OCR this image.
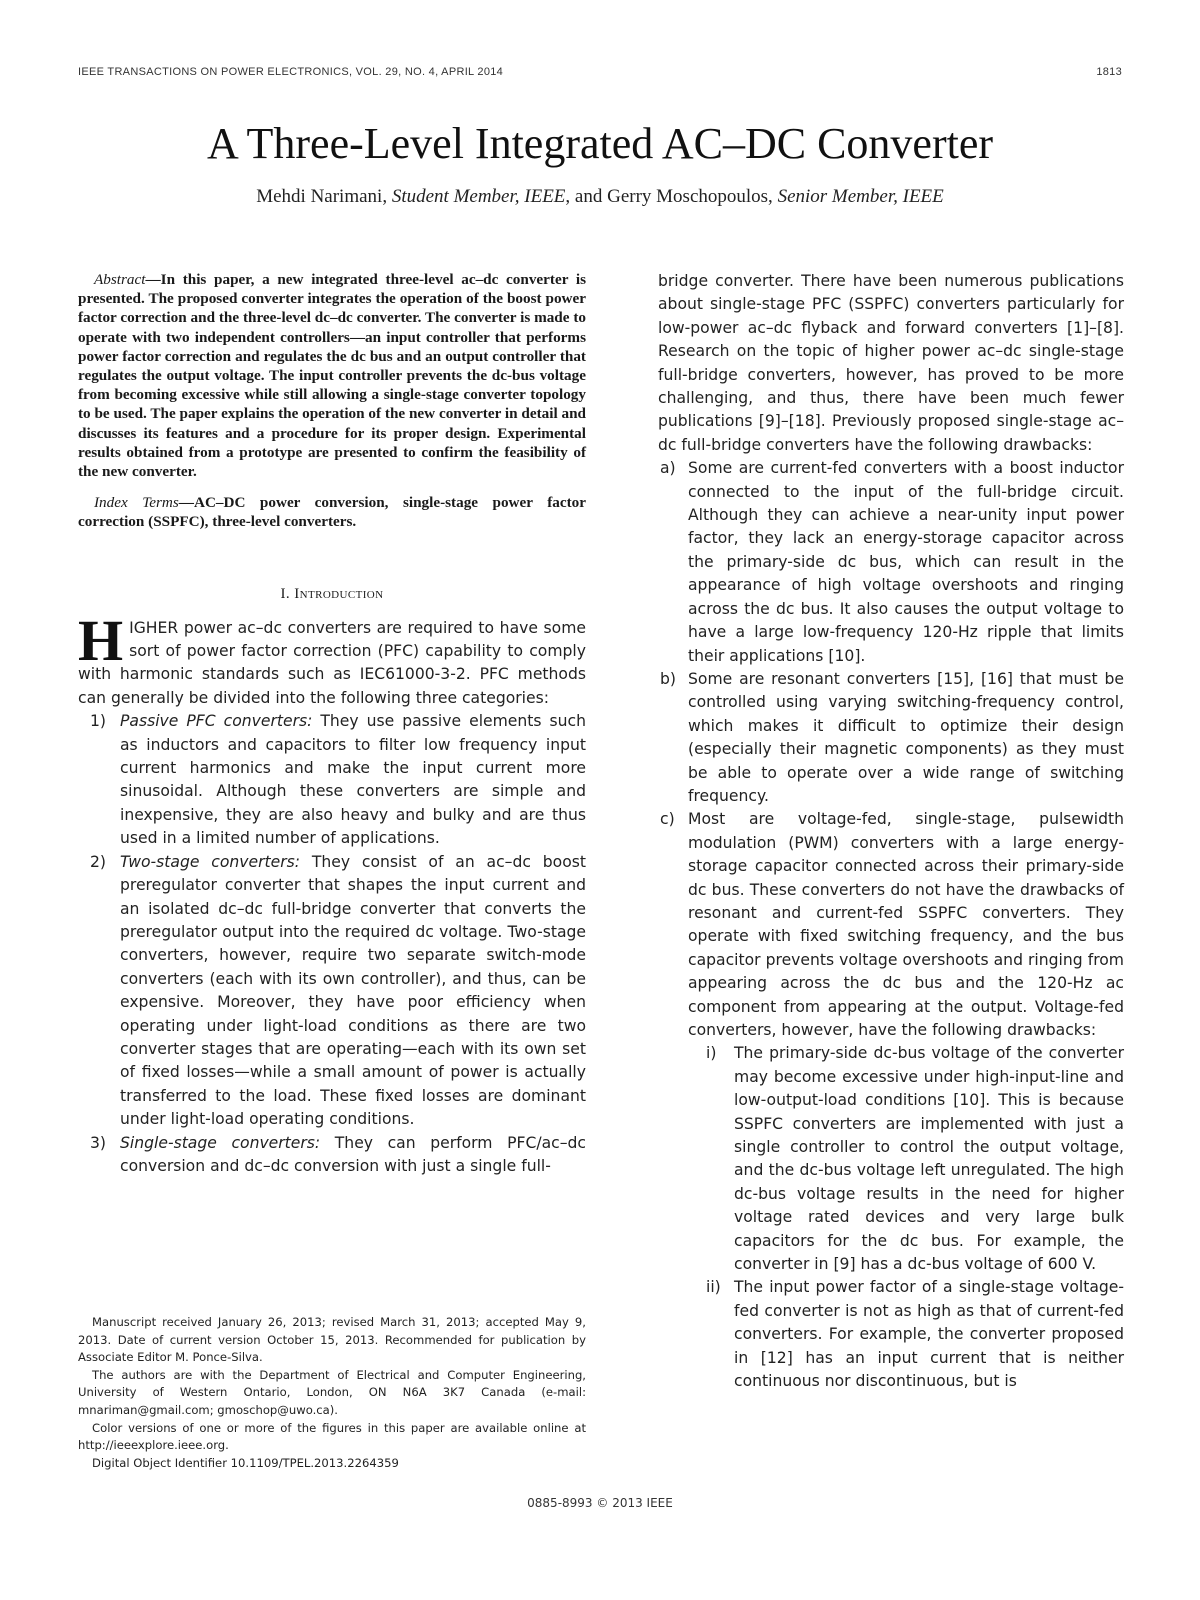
IEEE TRANSACTIONS ON POWER ELECTRONICS, VOL. 29, NO. 4, APRIL 2014	1813
A Three-Level Integrated AC–DC Converter
Mehdi Narimani, Student Member, IEEE, and Gerry Moschopoulos, Senior Member, IEEE

Abstract—In this paper, a new integrated three-level ac–dc converter is presented. The proposed converter integrates the operation of the boost power factor correction and the three-level dc–dc converter. The converter is made to operate with two independent controllers—an input controller that performs power factor correction and regulates the dc bus and an output controller that regulates the output voltage. The input controller prevents the dc-bus voltage from becoming excessive while still allowing a single-stage converter topology to be used. The paper explains the operation of the new converter in detail and discusses its features and a procedure for its proper design. Experimental results obtained from a prototype are presented to confirm the feasibility of the new converter.

Index Terms—AC–DC power conversion, single-stage power factor correction (SSPFC), three-level converters.

I. Introduction

HIGHER power ac–dc converters are required to have some sort of power factor correction (PFC) capability to comply with harmonic standards such as IEC61000-3-2. PFC methods can generally be divided into the following three categories:

1) Passive PFC converters: They use passive elements such as inductors and capacitors to filter low frequency input current harmonics and make the input current more sinusoidal. Although these converters are simple and inexpensive, they are also heavy and bulky and are thus used in a limited number of applications.
2) Two-stage converters: They consist of an ac–dc boost preregulator converter that shapes the input current and an isolated dc–dc full-bridge converter that converts the preregulator output into the required dc voltage. Two-stage converters, however, require two separate switch-mode converters (each with its own controller), and thus, can be expensive. Moreover, they have poor efficiency when operating under light-load conditions as there are two converter stages that are operating—each with its own set of fixed losses—while a small amount of power is actually transferred to the load. These fixed losses are dominant under light-load operating conditions.
3) Single-stage converters: They can perform PFC/ac–dc conversion and dc–dc conversion with just a single full-

bridge converter. There have been numerous publications about single-stage PFC (SSPFC) converters particularly for low-power ac–dc flyback and forward converters [1]–[8]. Research on the topic of higher power ac–dc single-stage full-bridge converters, however, has proved to be more challenging, and thus, there have been much fewer publications [9]–[18]. Previously proposed single-stage ac–dc full-bridge converters have the following drawbacks:

a) Some are current-fed converters with a boost inductor connected to the input of the full-bridge circuit. Although they can achieve a near-unity input power factor, they lack an energy-storage capacitor across the primary-side dc bus, which can result in the appearance of high voltage overshoots and ringing across the dc bus. It also causes the output voltage to have a large low-frequency 120-Hz ripple that limits their applications [10].
b) Some are resonant converters [15], [16] that must be controlled using varying switching-frequency control, which makes it difficult to optimize their design (especially their magnetic components) as they must be able to operate over a wide range of switching frequency.
c) Most are voltage-fed, single-stage, pulsewidth modulation (PWM) converters with a large energy-storage capacitor connected across their primary-side dc bus. These converters do not have the drawbacks of resonant and current-fed SSPFC converters. They operate with fixed switching frequency, and the bus capacitor prevents voltage overshoots and ringing from appearing across the dc bus and the 120-Hz ac component from appearing at the output. Voltage-fed converters, however, have the following drawbacks:
i) The primary-side dc-bus voltage of the converter may become excessive under high-input-line and low-output-load conditions [10]. This is because SSPFC converters are implemented with just a single controller to control the output voltage, and the dc-bus voltage left unregulated. The high dc-bus voltage results in the need for higher voltage rated devices and very large bulk capacitors for the dc bus. For example, the converter in [9] has a dc-bus voltage of 600 V.
ii) The input power factor of a single-stage voltage-fed converter is not as high as that of current-fed converters. For example, the converter proposed in [12] has an input current that is neither continuous nor discontinuous, but is

Manuscript received January 26, 2013; revised March 31, 2013; accepted May 9, 2013. Date of current version October 15, 2013. Recommended for publication by Associate Editor M. Ponce-Silva.

The authors are with the Department of Electrical and Computer Engineering, University of Western Ontario, London, ON N6A 3K7 Canada (e-mail: mnariman@gmail.com; gmoschop@uwo.ca).

Color versions of one or more of the figures in this paper are available online at http://ieeexplore.ieee.org.

Digital Object Identifier 10.1109/TPEL.2013.2264359

0885-8993 © 2013 IEEE
